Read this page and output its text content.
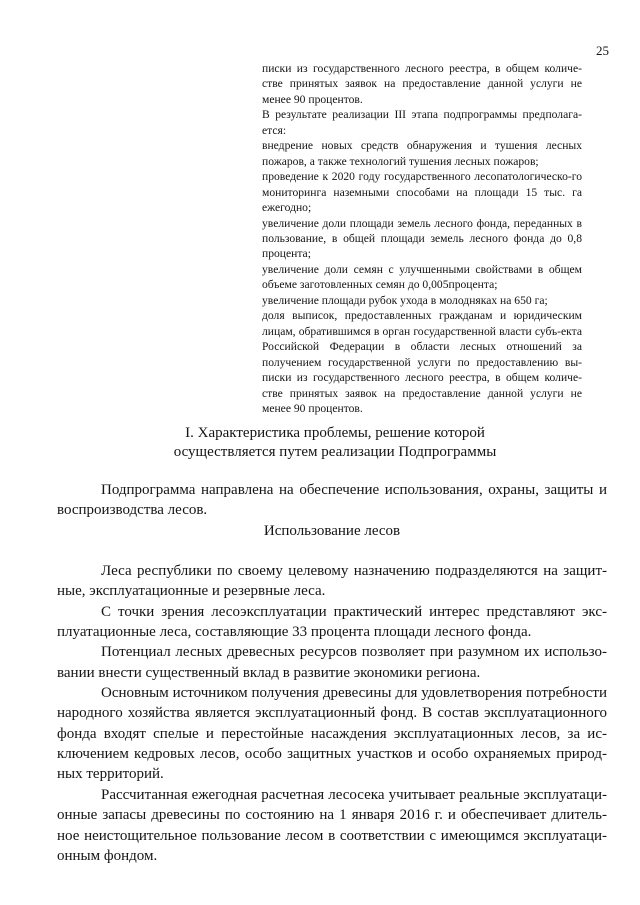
25

писки из государственного лесного реестра, в общем количе-стве принятых заявок на предоставление данной услуги не менее 90 процентов.

В результате реализации III этапа подпрограммы предполага-ется:

внедрение новых средств обнаружения и тушения лесных пожаров, а также технологий тушения лесных пожаров;

проведение к 2020 году государственного лесопатологическо-го мониторинга наземными способами на площади 15 тыс. га ежегодно;

увеличение доли площади земель лесного фонда, переданных в пользование, в общей площади земель лесного фонда до 0,8 процента;

увеличение доли семян с улучшенными свойствами в общем объеме заготовленных семян до 0,005процента;

увеличение площади рубок ухода в молодняках на 650 га;

доля выписок, предоставленных гражданам и юридическим лицам, обратившимся в орган государственной власти субъ-екта Российской Федерации в области лесных отношений за получением государственной услуги по предоставлению вы-писки из государственного лесного реестра, в общем количе-стве принятых заявок на предоставление данной услуги не менее 90 процентов.

I. Характеристика проблемы, решение которой
осуществляется путем реализации Подпрограммы

Подпрограмма направлена на обеспечение использования, охраны, защиты и воспроизводства лесов.

Использование лесов

Леса республики по своему целевому назначению подразделяются на защит-ные, эксплуатационные и резервные леса.

С точки зрения лесоэксплуатации практический интерес представляют экс-плуатационные леса, составляющие 33 процента площади лесного фонда.

Потенциал лесных древесных ресурсов позволяет при разумном их использо-вании внести существенный вклад в развитие экономики региона.

Основным источником получения древесины для удовлетворения потребности народного хозяйства является эксплуатационный фонд. В состав эксплуатационного фонда входят спелые и перестойные насаждения эксплуатационных лесов, за ис-ключением кедровых лесов, особо защитных участков и особо охраняемых природ-ных территорий.

Рассчитанная ежегодная расчетная лесосека учитывает реальные эксплуатаци-онные запасы древесины по состоянию на 1 января 2016 г. и обеспечивает длитель-ное неистощительное пользование лесом в соответствии с имеющимся эксплуатаци-онным фондом.
